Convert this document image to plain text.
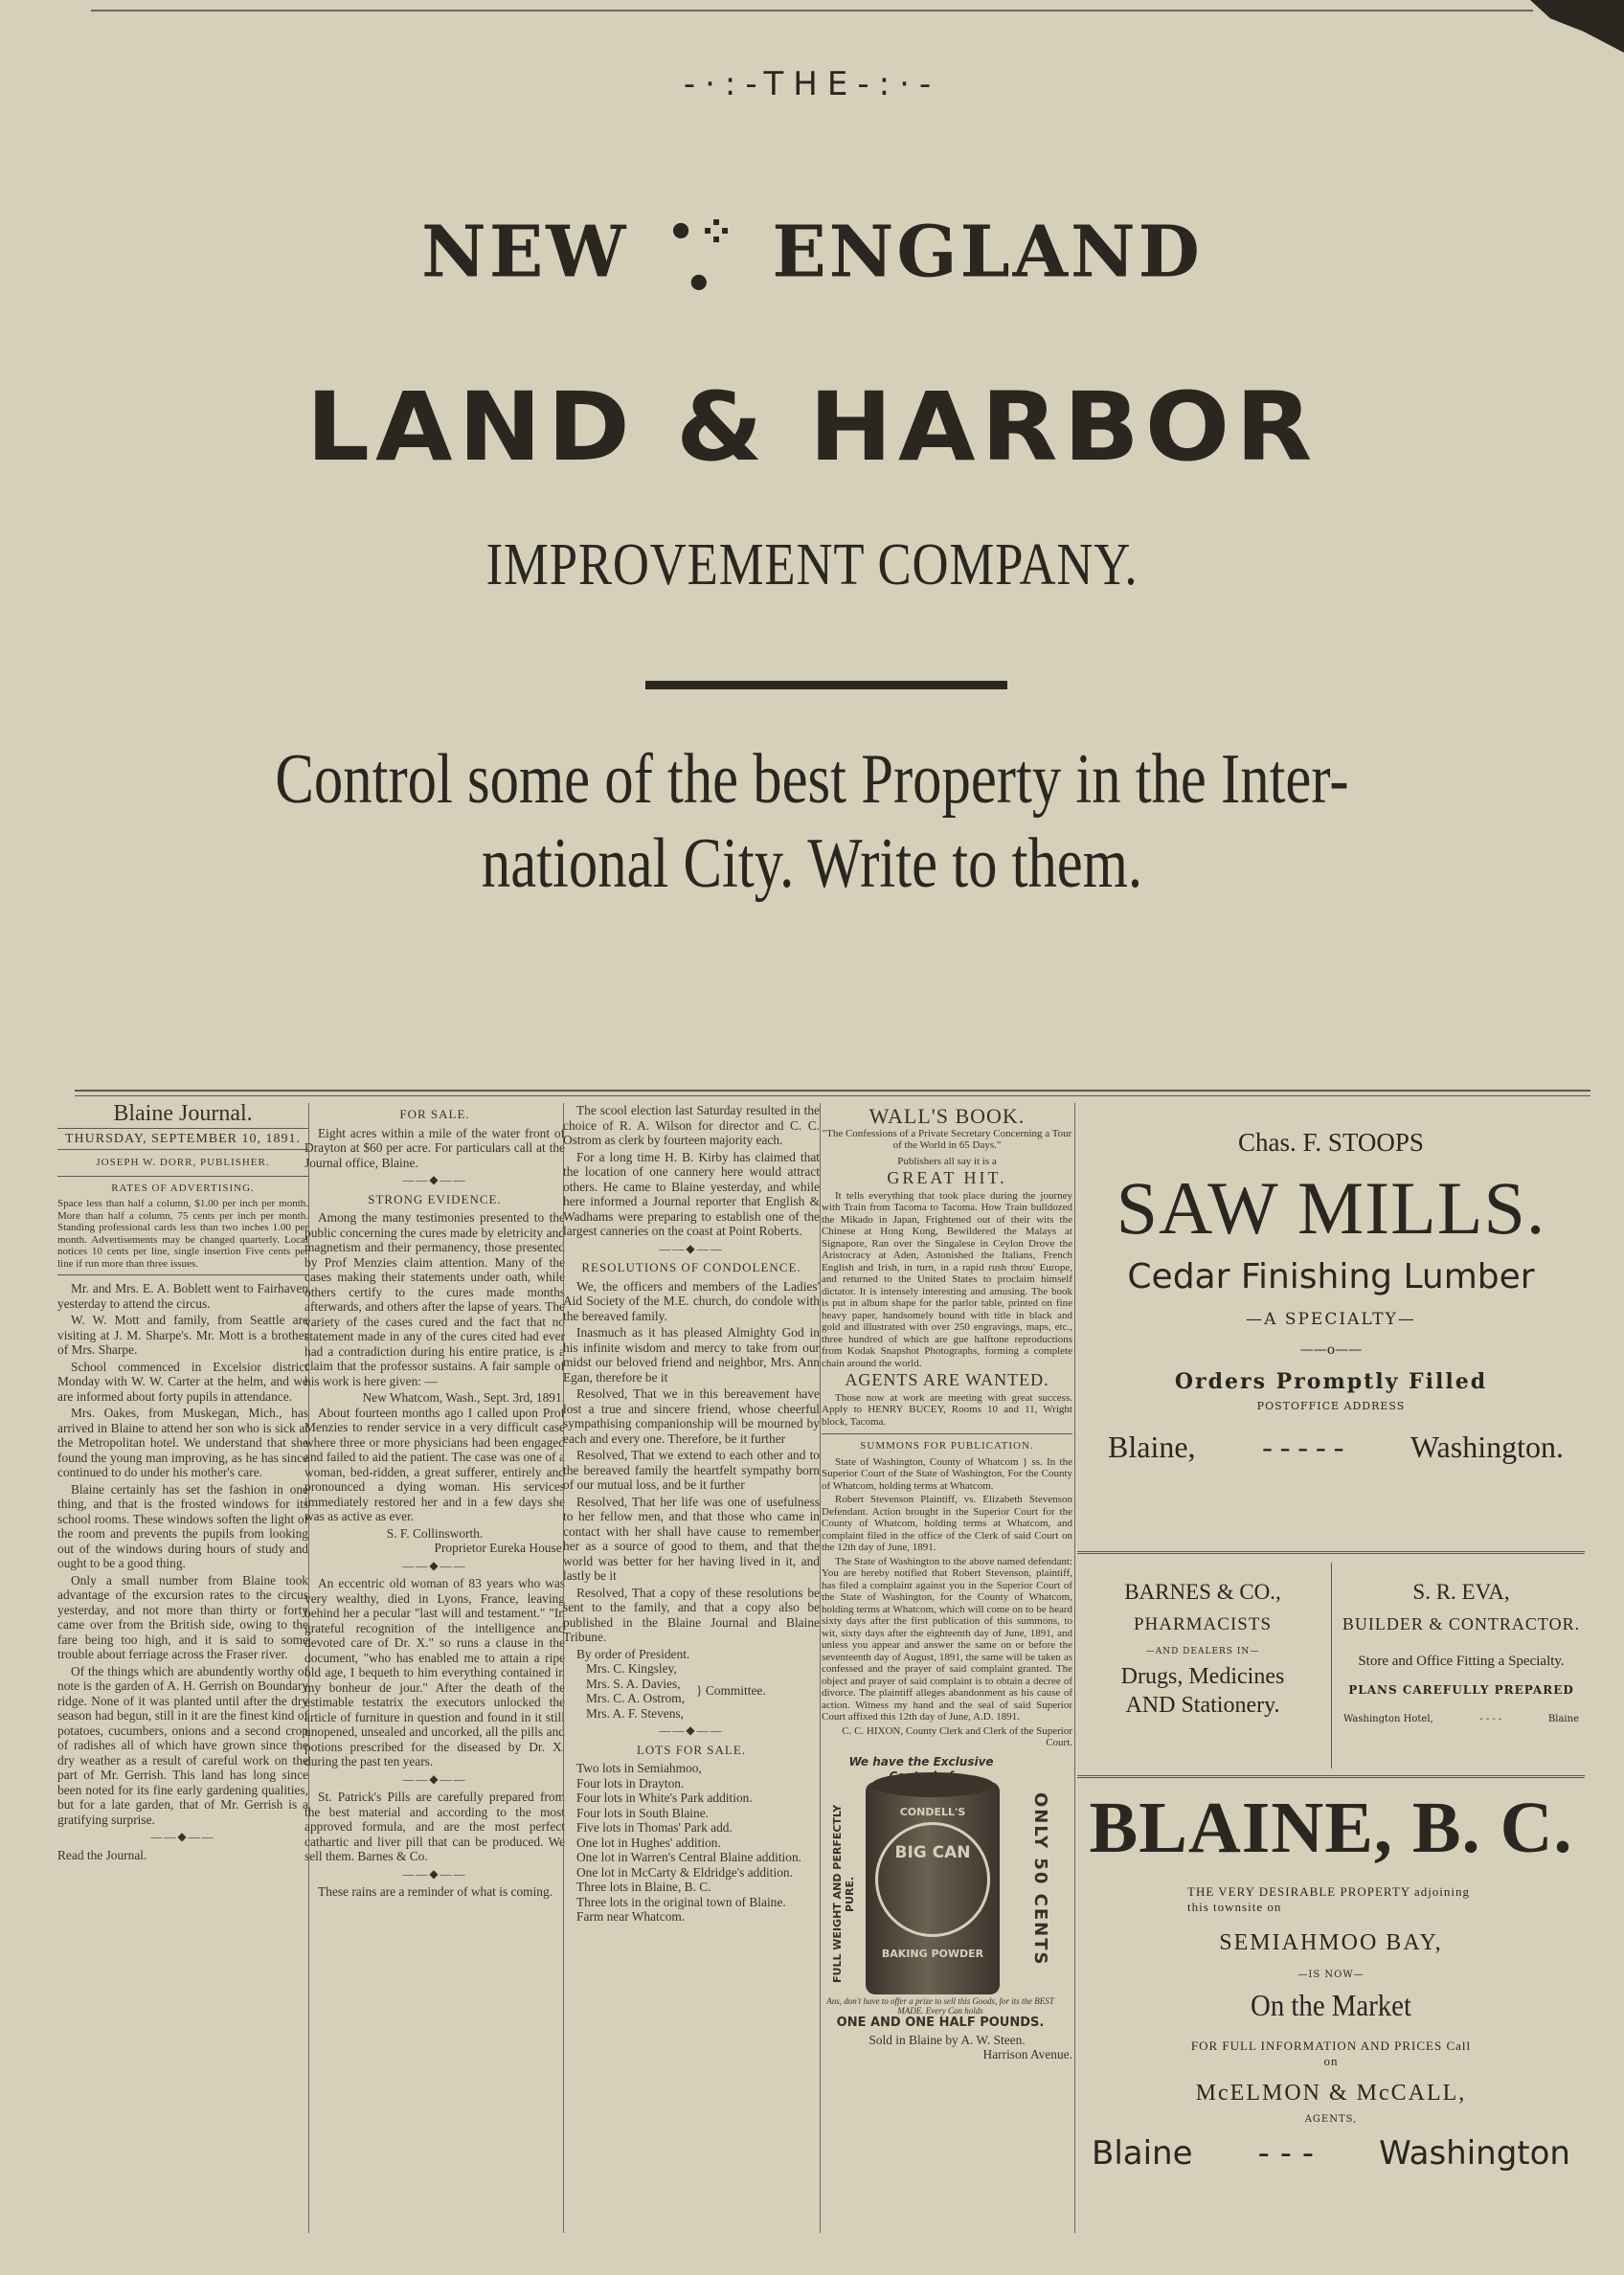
-·:-THE-:·-
NEW •⁘• ENGLAND
LAND & HARBOR
IMPROVEMENT COMPANY.
Control some of the best Property in the Inter-
national City. Write to them.
Blaine Journal.
THURSDAY, SEPTEMBER 10, 1891.
JOSEPH W. DORR, PUBLISHER.
RATES OF ADVERTISING.
Space less than half a column, $1.00 per inch per month. More than half a column, 75 cents per inch per month. Standing professional cards less than two inches 1.00 per month. Advertisements may be changed quarterly. Local notices 10 cents per line, single insertion Five cents per line if run more than three issues.

Mr. and Mrs. E. A. Boblett went to Fairhaven yesterday to attend the circus.

W. W. Mott and family, from Seattle are visiting at J. M. Sharpe's. Mr. Mott is a brother of Mrs. Sharpe.

School commenced in Excelsior district Monday with W. W. Carter at the helm, and we are informed about forty pupils in attendance.

Mrs. Oakes, from Muskegan, Mich., has arrived in Blaine to attend her son who is sick at the Metropolitan hotel. We understand that she found the young man improving, as he has since continued to do under his mother's care.

Blaine certainly has set the fashion in one thing, and that is the frosted windows for its school rooms. These windows soften the light of the room and prevents the pupils from looking out of the windows during hours of study and ought to be a good thing.

Only a small number from Blaine took advantage of the excursion rates to the circus yesterday, and not more than thirty or forty came over from the British side, owing to the fare being too high, and it is said to some trouble about ferriage across the Fraser river.

Of the things which are abundently worthy of note is the garden of A. H. Gerrish on Boundary ridge. None of it was planted until after the dry season had begun, still in it are the finest kind of potatoes, cucumbers, onions and a second crop of radishes all of which have grown since the dry weather as a result of careful work on the part of Mr. Gerrish. This land has long since been noted for its fine early gardening qualities, but for a late garden, that of Mr. Gerrish is a gratifying surprise.

——◆——
Read the Journal.
FOR SALE.

Eight acres within a mile of the water front of Drayton at $60 per acre. For particulars call at the Journal office, Blaine.

——◆——
STRONG EVIDENCE.

Among the many testimonies presented to the public concerning the cures made by eletricity and magnetism and their permanency, those presented by Prof Menzies claim attention. Many of the cases making their statements under oath, while others certify to the cures made months afterwards, and others after the lapse of years. The variety of the cases cured and the fact that no statement made in any of the cures cited had ever had a contradiction during his entire pratice, is a claim that the professor sustains. A fair sample of his work is here given: —

New Whatcom, Wash., Sept. 3rd, 1891.

About fourteen months ago I called upon Prof Menzies to render service in a very difficult case where three or more physicians had been engaged and failed to aid the patient. The case was one of a woman, bed-ridden, a great sufferer, entirely and pronounced a dying woman. His services immediately restored her and in a few days she was as active as ever.

S. F. Collinsworth.
Proprietor Eureka House.
——◆——

An eccentric old woman of 83 years who was very wealthy, died in Lyons, France, leaving behind her a pecular "last will and testament." "In grateful recognition of the intelligence and devoted care of Dr. X." so runs a clause in the document, "who has enabled me to attain a ripe old age, I bequeth to him everything contained in my bonheur de jour." After the death of the estimable testatrix the executors unlocked the article of furniture in question and found in it still unopened, unsealed and uncorked, all the pills and potions prescribed for the diseased by Dr. X. during the past ten years.

——◆——

St. Patrick's Pills are carefully prepared from the best material and according to the most approved formula, and are the most perfect cathartic and liver pill that can be produced. We sell them. Barnes & Co.

——◆——

These rains are a reminder of what is coming.

The scool election last Saturday resulted in the choice of R. A. Wilson for director and C. C. Ostrom as clerk by fourteen majority each.

For a long time H. B. Kirby has claimed that the location of one cannery here would attract others. He came to Blaine yesterday, and while here informed a Journal reporter that English & Wadhams were preparing to establish one of the largest canneries on the coast at Point Roberts.

——◆——
RESOLUTIONS OF CONDOLENCE.

We, the officers and members of the Ladies' Aid Society of the M.E. church, do condole with the bereaved family.

Inasmuch as it has pleased Almighty God in his infinite wisdom and mercy to take from our midst our beloved friend and neighbor, Mrs. Ann Egan, therefore be it

Resolved, That we in this bereavement have lost a true and sincere friend, whose cheerful sympathising companionship will be mourned by each and every one. Therefore, be it further

Resolved, That we extend to each other and to the bereaved family the heartfelt sympathy born of our mutual loss, and be it further

Resolved, That her life was one of usefulness to her fellow men, and that those who came in contact with her shall have cause to remember her as a source of good to them, and that the world was better for her having lived in it, and lastly be it

Resolved, That a copy of these resolutions be sent to the family, and that a copy also be published in the Blaine Journal and Blaine Tribune.

By order of President.
Mrs. C. Kingsley,
Mrs. S. A. Davies,
Mrs. C. A. Ostrom,
Mrs. A. F. Stevens,
} Committee.
——◆——
LOTS FOR SALE.
Two lots in Semiahmoo,
Four lots in Drayton.
Four lots in White's Park addition.
Four lots in South Blaine.
Five lots in Thomas' Park add.
One lot in Hughes' addition.
One lot in Warren's Central Blaine addition.
One lot in McCarty & Eldridge's addition.
Three lots in Blaine, B. C.
Three lots in the original town of Blaine.
Farm near Whatcom.
WALL'S BOOK.
"The Confessions of a Private Secretary Concerning a Tour of the World in 65 Days."
Publishers all say it is a
GREAT HIT.

It tells everything that took place during the journey with Train from Tacoma to Tacoma. How Train bulldozed the Mikado in Japan, Frightened out of their wits the Chinese at Hong Kong, Bewildered the Malays at Signapore, Ran over the Singalese in Ceylon Drove the Aristocracy at Aden, Astonished the Italians, French English and Irish, in turn, in a rapid rush throu' Europe, and returned to the United States to proclaim himself dictator. It is intensely interesting and amusing. The book is put in album shape for the parlor table, printed on fine heavy paper, handsomely bound with title in black and gold and illustrated with over 250 engravings, maps, etc., three hundred of which are gue halftone reproductions from Kodak Snapshot Photographs, forming a complete chain around the world.

AGENTS ARE WANTED.

Those now at work are meeting with great success. Apply to HENRY BUCEY, Rooms 10 and 11, Wright block, Tacoma.

SUMMONS FOR PUBLICATION.

State of Washington, County of Whatcom } ss. In the Superior Court of the State of Washington, For the County of Whatcom, holding terms at Whatcom.

Robert Stevenson Plaintiff, vs. Elizabeth Stevenson Defendant. Action brought in the Superior Court for the County of Whatcom, holding terms at Whatcom, and complaint filed in the office of the Clerk of said Court on the 12th day of June, 1891.

The State of Washington to the above named defendant: You are hereby notified that Robert Stevenson, plaintiff, has filed a complaint against you in the Superior Court of the State of Washington, for the County of Whatcom, holding terms at Whatcom, which will come on to be heard sixty days after the first publication of this summons, to wit, sixty days after the eighteenth day of June, 1891, and unless you appear and answer the same on or before the seventeenth day of August, 1891, the same will be taken as confessed and the prayer of said complaint granted. The object and prayer of said complaint is to obtain a decree of divorce. The plaintiff alleges abandonment as his cause of action. Witness my hand and the seal of said Superior Court affixed this 12th day of June, A.D. 1891.

C. C. HIXON, County Clerk and Clerk of the Superior Court.
We have the Exclusive
FULL WEIGHT AND PERFECTLY PURE.
CONDELL'S
BIG CAN
BAKING POWDER	ONLY 50 CENTS
Ans, don't have to offer a prize to sell this Goods, for its the BEST MADE. Every Can holds
ONE AND ONE HALF POUNDS.
Sold in Blaine by A. W. Steen.
Harrison Avenue.
Chas. F. STOOPS
SAW MILLS.
Cedar Finishing Lumber
—A SPECIALTY—
——o——
Orders Promptly Filled
POSTOFFICE ADDRESS
Blaine, - - - - - Washington.
BARNES & CO.,
PHARMACISTS
—AND DEALERS IN—
Drugs, Medicines AND Stationery.
S. R. EVA,
BUILDER & CONTRACTOR.
Store and Office Fitting a Specialty.
PLANS CAREFULLY PREPARED
Washington Hotel,	- - - -	Blaine
BLAINE, B. C.
THE VERY DESIRABLE PROPERTY adjoining this townsite on
SEMIAHMOO BAY,
—IS NOW—
On the Market
FOR FULL INFORMATION AND PRICES Call on
McELMON & McCALL,
AGENTS,
Blaine - - - Washington
